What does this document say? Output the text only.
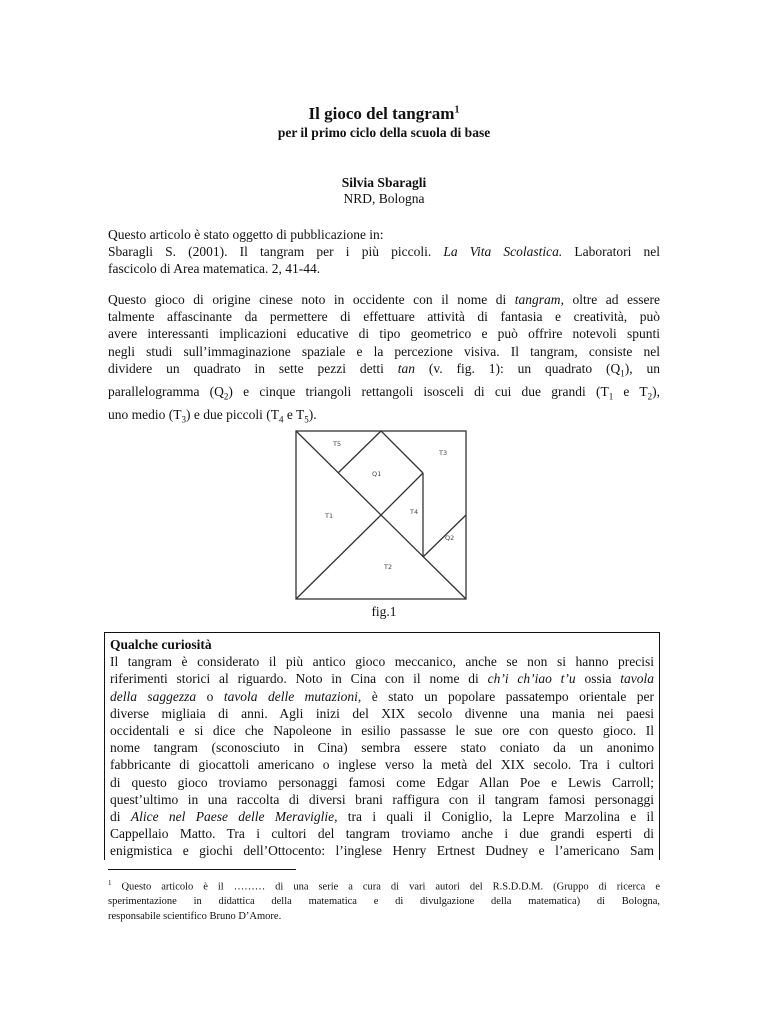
Il gioco del tangram$^1$
per il primo ciclo della scuola di base
Silvia Sbaragli
NRD, Bologna
Questo articolo è stato oggetto di pubblicazione in:
Sbaragli S. (2001). Il tangram per i più piccoli. La Vita Scolastica. Laboratori nel
fascicolo di Area matematica. 2, 41-44.
Questo gioco di origine cinese noto in occidente con il nome di tangram, oltre ad essere
talmente affascinante da permettere di effettuare attività di fantasia e creatività, può
avere interessanti implicazioni educative di tipo geometrico e può offrire notevoli spunti
negli studi sull’immaginazione spaziale e la percezione visiva. Il tangram, consiste nel
dividere un quadrato in sette pezzi detti tan (v. fig. 1): un quadrato $(Q_1)$, un
parallelogramma $(Q_2)$ e cinque triangoli rettangoli isosceli di cui due grandi ($T_1$ e $T_2$),
uno medio $(T_3)$ e due piccoli ($T_4$ e $T_5$).
T5
Q1
T3
T1	T4
Q2
T2
fig.1
Qualche curiosità
Il tangram è considerato il più antico gioco meccanico, anche se non si hanno precisi
riferimenti storici al riguardo. Noto in Cina con il nome di ch’i ch’iao t’u ossia tavola
della saggezza o tavola delle mutazioni, è stato un popolare passatempo orientale per
diverse migliaia di anni. Agli inizi del XIX secolo divenne una mania nei paesi
occidentali e si dice che Napoleone in esilio passasse le sue ore con questo gioco. Il
nome tangram (sconosciuto in Cina) sembra essere stato coniato da un anonimo
fabbricante di giocattoli americano o inglese verso la metà del XIX secolo. Tra i cultori
di questo gioco troviamo personaggi famosi come Edgar Allan Poe e Lewis Carroll;
quest’ultimo in una raccolta di diversi brani raffigura con il tangram famosi personaggi
di Alice nel Paese delle Meraviglie, tra i quali il Coniglio, la Lepre Marzolina e il
Cappellaio Matto. Tra i cultori del tangram troviamo anche i due grandi esperti di
enigmistica e giochi dell’Ottocento: l’inglese Henry Ertnest Dudney e l’americano Sam
$^1$ Questo articolo è il ……… di una serie a cura di vari autori del R.S.D.D.M. (Gruppo di ricerca e
sperimentazione in didattica della matematica e di divulgazione della matematica) di Bologna,
responsabile scientifico Bruno D’Amore.
